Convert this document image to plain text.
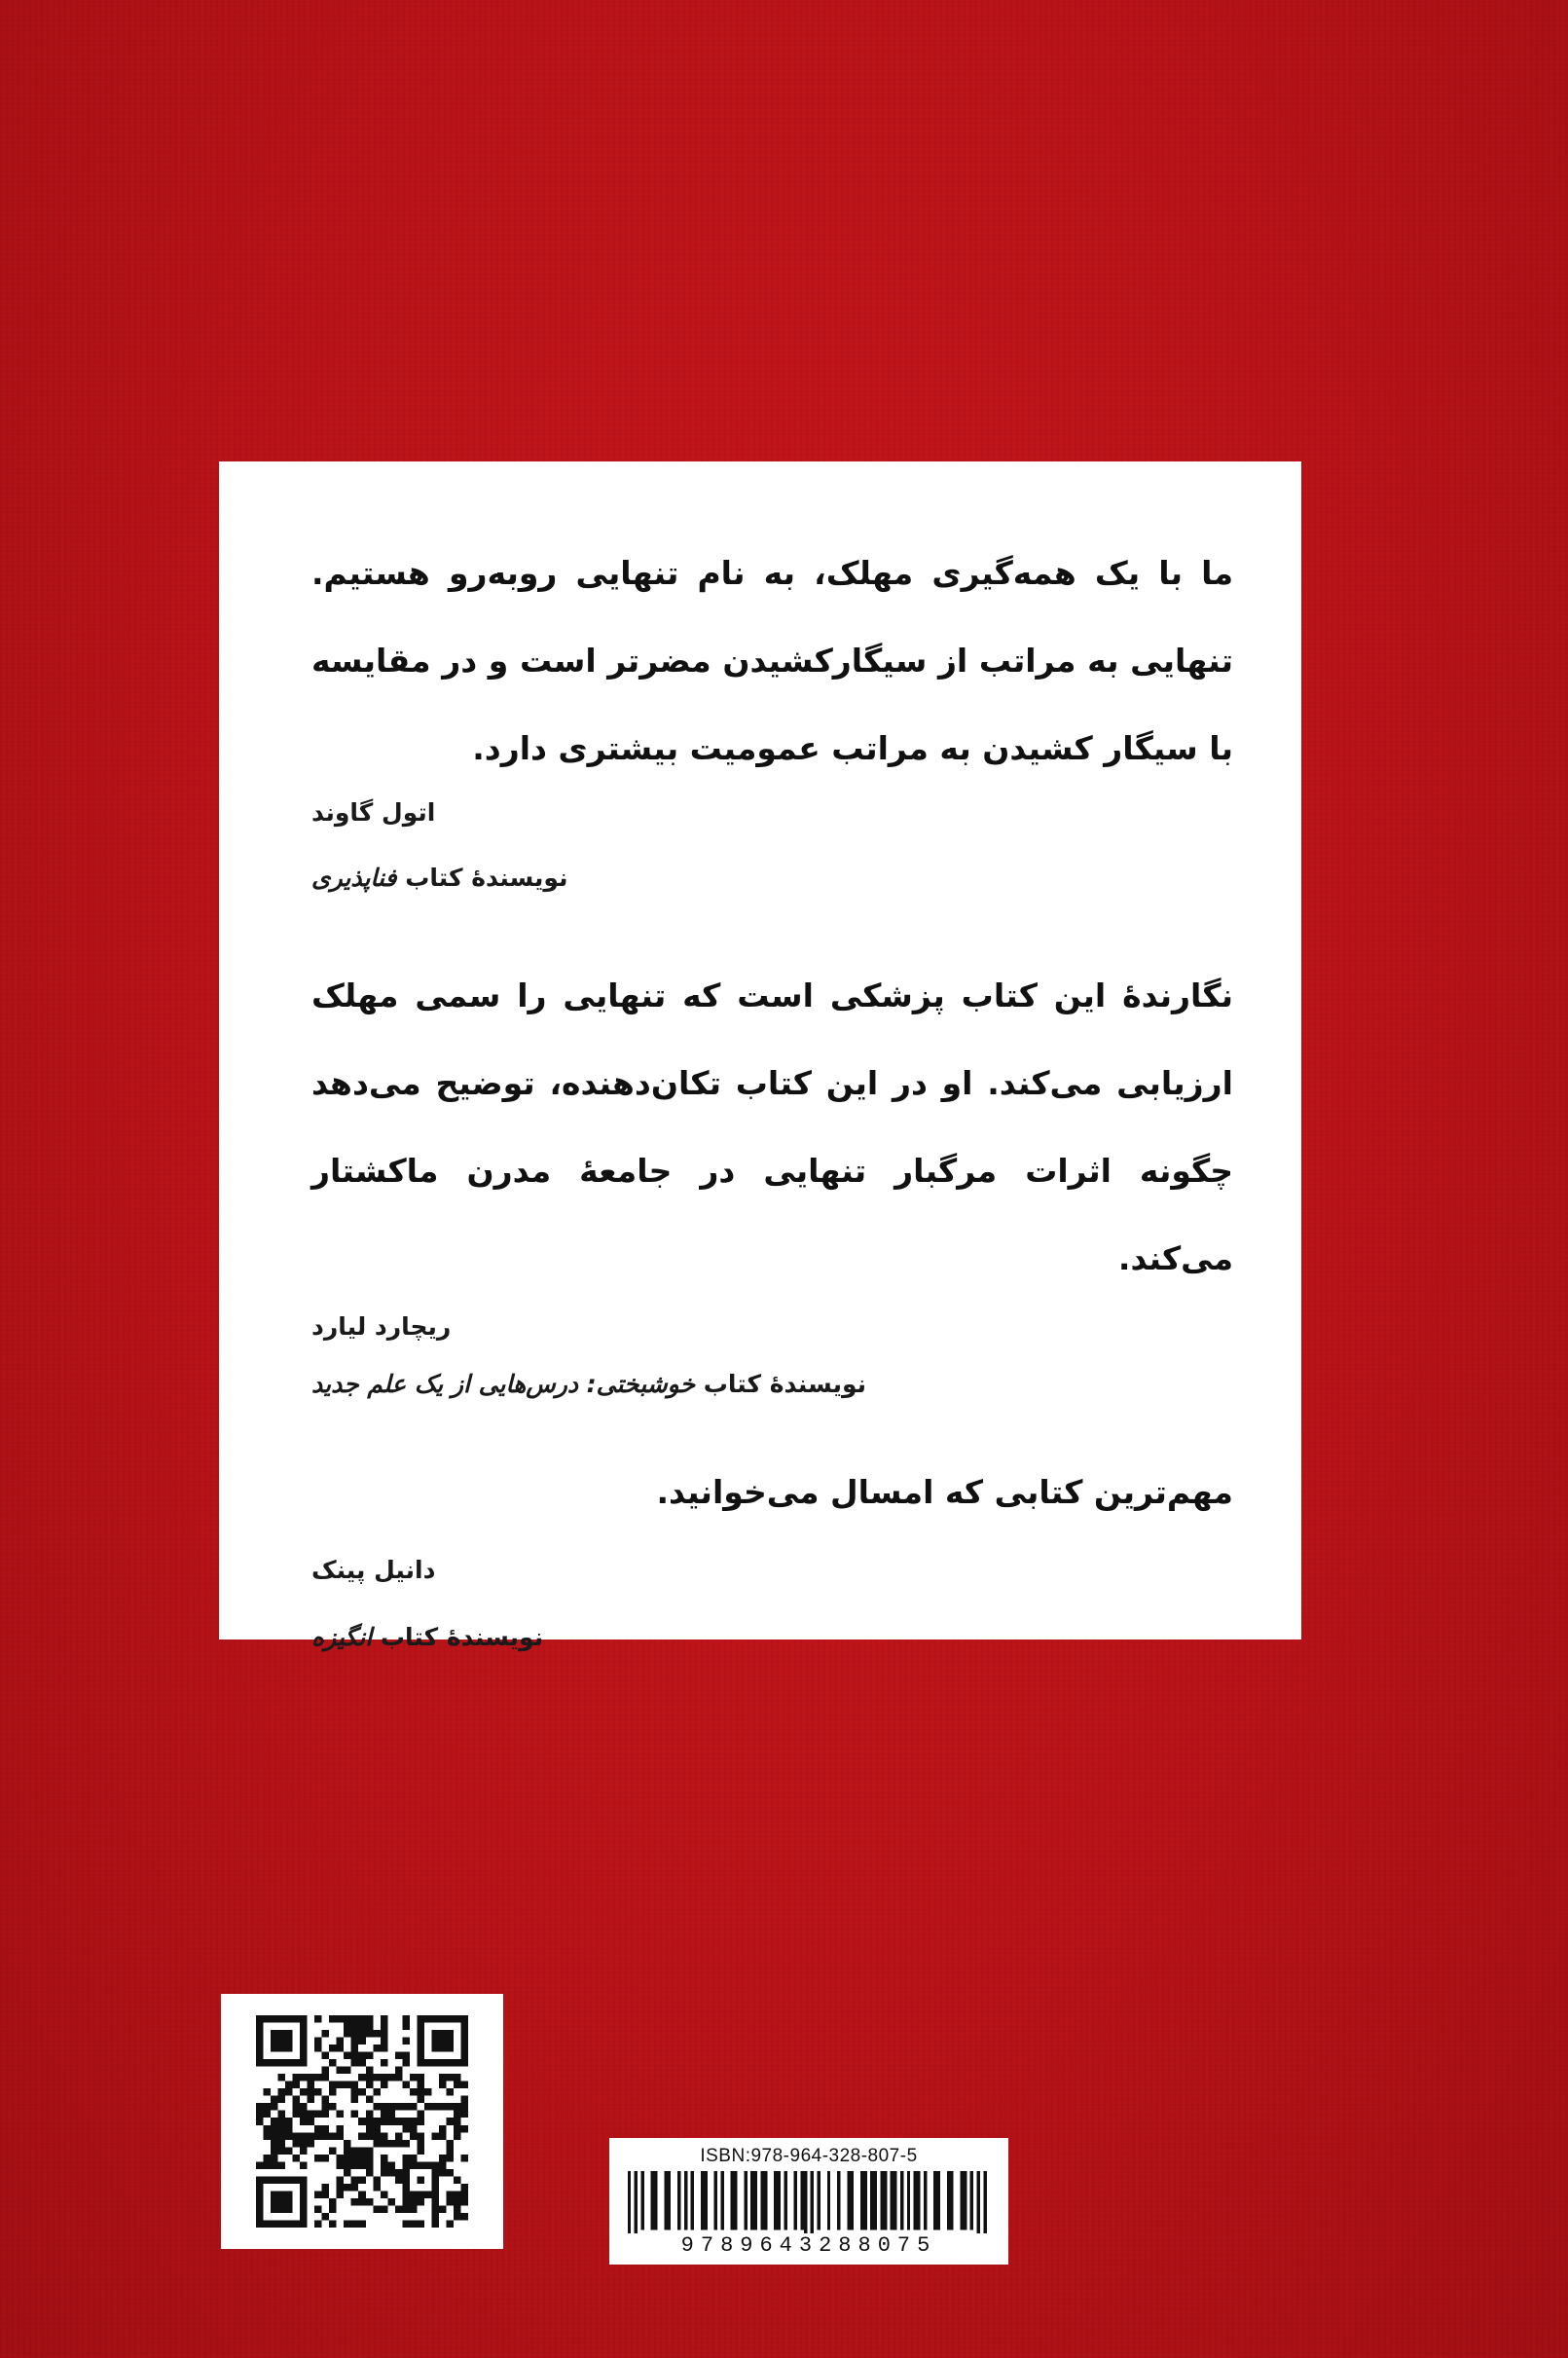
ما با یک همه‌گیری مهلک، به نام تنهایی روبه‌رو هستیم. تنهایی به مراتب از سیگارکشیدن مضرتر است و در مقایسه با سیگار کشیدن به مراتب عمومیت بیشتری دارد.

اتول گاوند

نویسندۀ کتاب فناپذیری

نگارندۀ این کتاب پزشکی است که تنهایی را سمی مهلک ارزیابی می‌کند. او در این کتاب تکان‌دهنده، توضیح می‌دهد چگونه اثرات مرگبار تنهایی در جامعۀ مدرن ماکشتار می‌کند.

ریچارد لیارد

نویسندۀ کتاب خوشبختی: درس‌هایی از یک علم جدید

مهم‌ترین کتابی که امسال می‌خوانید.

دانیل پینک

نویسندۀ کتاب انگیزه

ISBN:978-964-328-807-5
9789643288075
